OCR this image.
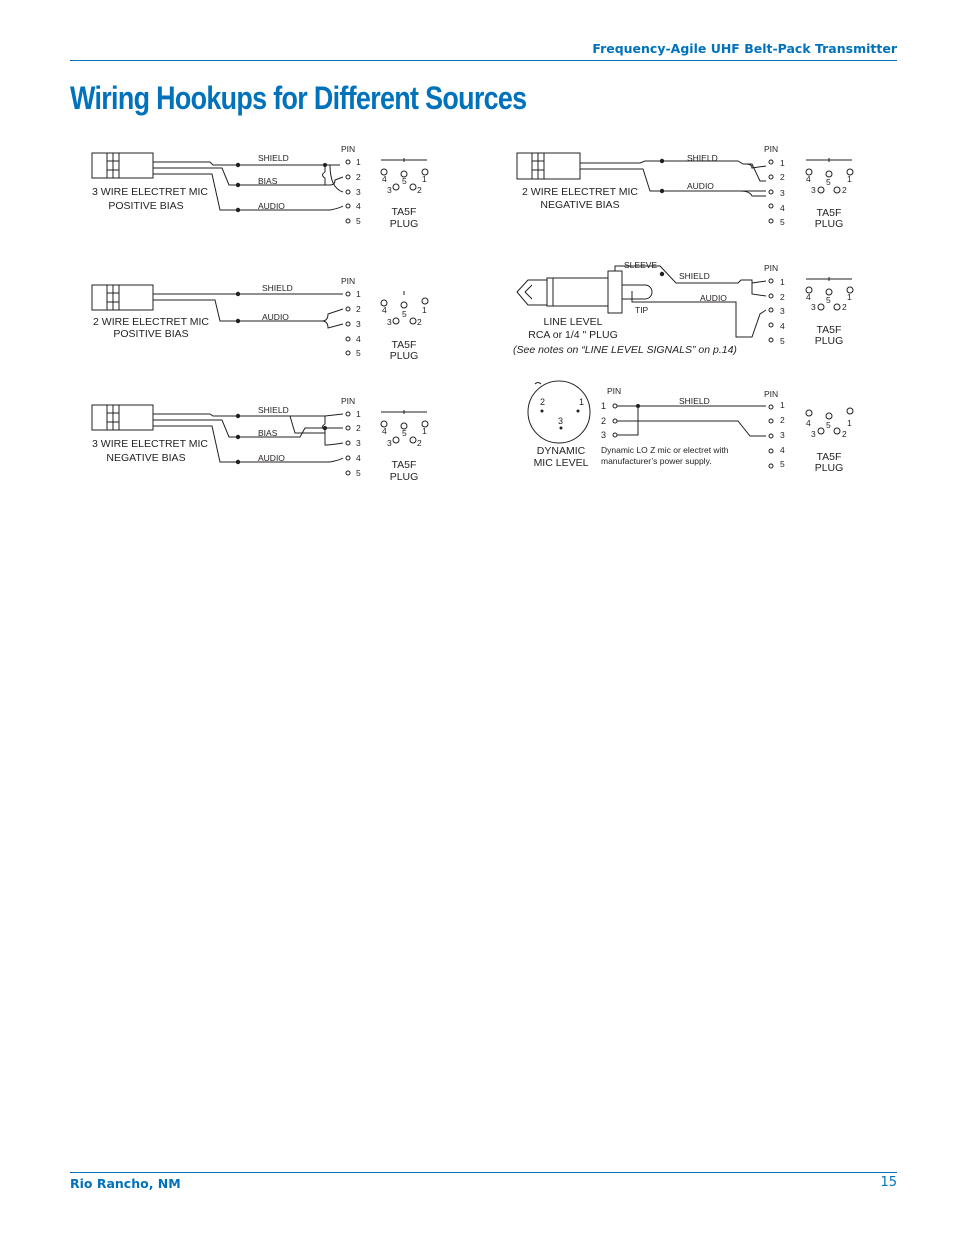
Frequency-Agile UHF Belt-Pack Transmitter
Wiring Hookups for Different Sources
SHIELD
BIAS
AUDIO
PIN
1
2
3
4
5
3 WIRE ELECTRET MIC
POSITIVE BIAS
4 5 1
3	2
TA5F
PLUG
SHIELD
AUDIO
PIN
1
2
3
4
5
2 WIRE ELECTRET MIC
POSITIVE BIAS
4 5 1
3	2
TA5F
PLUG
SHIELD
BIAS
AUDIO
PIN
1
2
3
4
5
3 WIRE ELECTRET MIC
NEGATIVE BIAS
4 5 1
3	2
TA5F
PLUG
SHIELD
AUDIO
PIN
1
2
3
4
5
2 WIRE ELECTRET MIC
NEGATIVE BIAS
4 5 1
3	2
TA5F
PLUG
SLEEVE
SHIELD
AUDIO
TIP
PIN
1
2
3
4
5
LINE LEVEL
RCA or 1/4 " PLUG
(See notes on “LINE LEVEL SIGNALS” on p.14)
4 5 1
3	2
TA5F
PLUG
2	1
3
DYNAMIC
MIC LEVEL
PIN
1
2
3
SHIELD
Dynamic LO Z mic or electret with
manufacturer’s power supply.
PIN
1
2
3
4
5
4 5 1
3	2
TA5F
PLUG
Rio Rancho, NM	15
